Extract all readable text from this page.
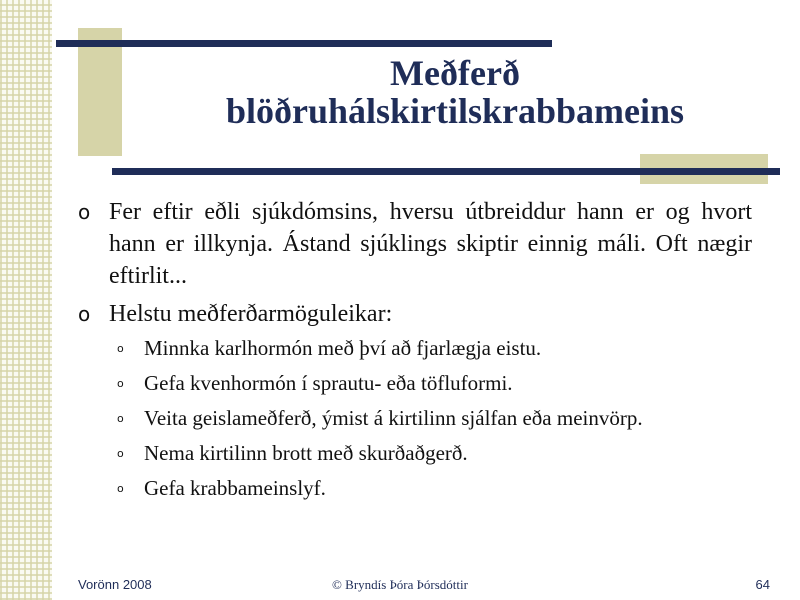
Meðferð
blöðruhálskirtilskrabbameins
o Fer eftir eðli sjúkdómsins, hversu útbreiddur hann er og hvort hann er illkynja. Ástand sjúklings skiptir einnig máli. Oft nægir eftirlit...
o Helstu meðferðarmöguleikar:
o Minnka karlhormón með því að fjarlægja eistu.
o Gefa kvenhormón í sprautu- eða töfluformi.
o Veita geislameðferð, ýmist á kirtilinn sjálfan eða meinvörp.
o Nema kirtilinn brott með skurðaðgerð.
o Gefa krabbameinslyf.
Vorönn 2008	© Bryndís Þóra Þórsdóttir	64
